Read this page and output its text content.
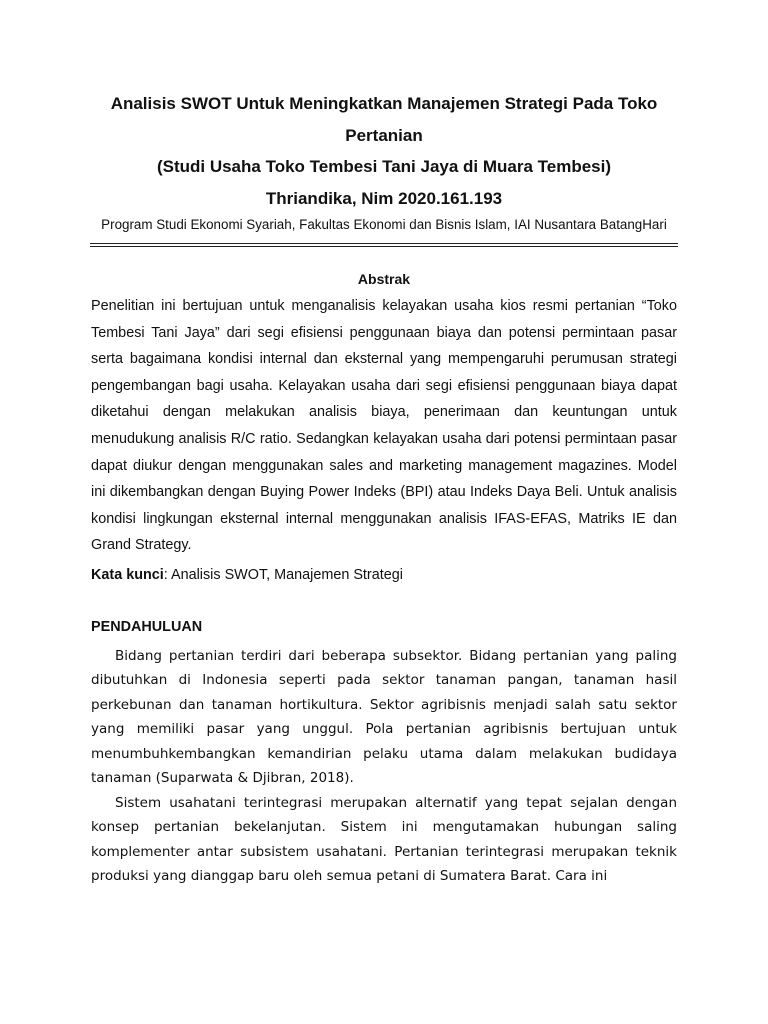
Analisis SWOT Untuk Meningkatkan Manajemen Strategi Pada Toko Pertanian
(Studi Usaha Toko Tembesi Tani Jaya di Muara Tembesi)
Thriandika, Nim 2020.161.193

Program Studi Ekonomi Syariah, Fakultas Ekonomi dan Bisnis Islam, IAI Nusantara BatangHari

Abstrak

Penelitian ini bertujuan untuk menganalisis kelayakan usaha kios resmi pertanian “Toko Tembesi Tani Jaya” dari segi efisiensi penggunaan biaya dan potensi permintaan pasar serta bagaimana kondisi internal dan eksternal yang mempengaruhi perumusan strategi pengembangan bagi usaha. Kelayakan usaha dari segi efisiensi penggunaan biaya dapat diketahui dengan melakukan analisis biaya, penerimaan dan keuntungan untuk menudukung analisis R/C ratio. Sedangkan kelayakan usaha dari potensi permintaan pasar dapat diukur dengan menggunakan sales and marketing management magazines. Model ini dikembangkan dengan Buying Power Indeks (BPI) atau Indeks Daya Beli. Untuk analisis kondisi lingkungan eksternal internal menggunakan analisis IFAS-EFAS, Matriks IE dan Grand Strategy.

Kata kunci: Analisis SWOT, Manajemen Strategi

PENDAHULUAN

Bidang pertanian terdiri dari beberapa subsektor. Bidang pertanian yang paling dibutuhkan di Indonesia seperti pada sektor tanaman pangan, tanaman hasil perkebunan dan tanaman hortikultura. Sektor agribisnis menjadi salah satu sektor yang memiliki pasar yang unggul. Pola pertanian agribisnis bertujuan untuk menumbuhkembangkan kemandirian pelaku utama dalam melakukan budidaya tanaman (Suparwata & Djibran, 2018).

Sistem usahatani terintegrasi merupakan alternatif yang tepat sejalan dengan konsep pertanian bekelanjutan. Sistem ini mengutamakan hubungan saling komplementer antar subsistem usahatani. Pertanian terintegrasi merupakan teknik produksi yang dianggap baru oleh semua petani di Sumatera Barat. Cara ini
